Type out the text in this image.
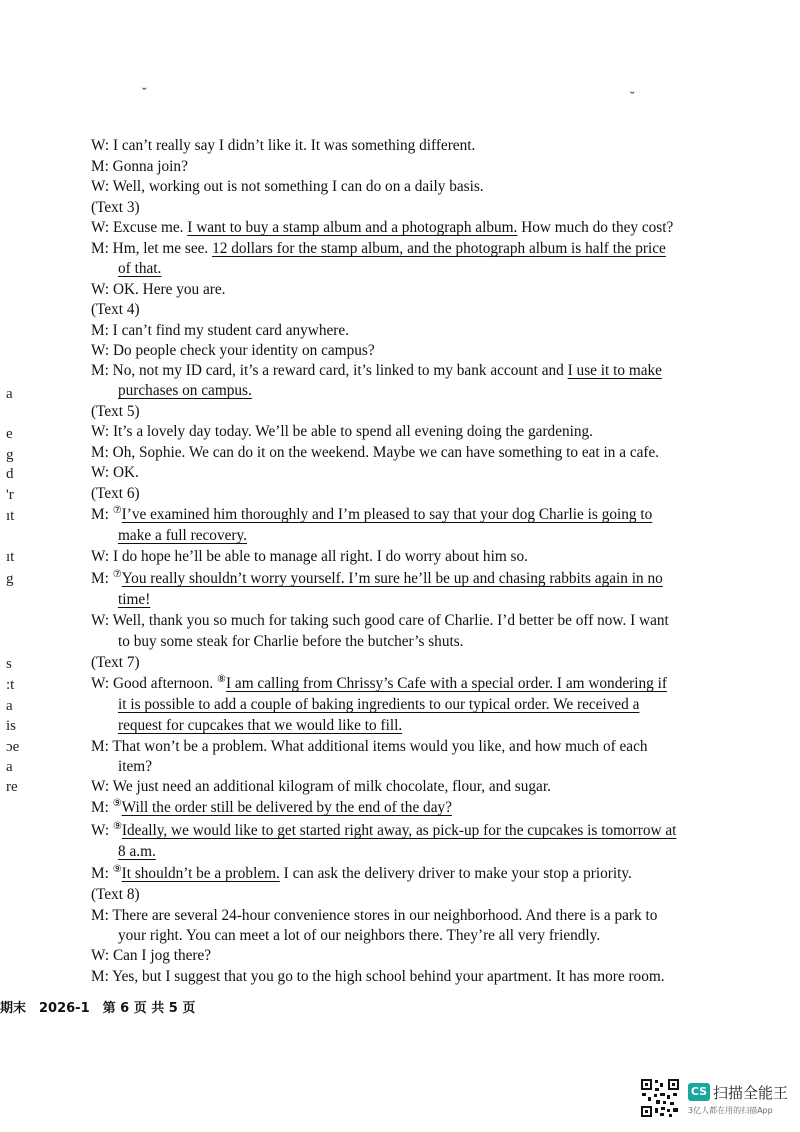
˘	˘
W: I can’t really say I didn’t like it. It was something different.
M: Gonna join?
W: Well, working out is not something I can do on a daily basis.
(Text 3)
W: Excuse me. I want to buy a stamp album and a photograph album. How much do they cost?
M: Hm, let me see. 12 dollars for the stamp album, and the photograph album is half the price
of that.
W: OK. Here you are.
(Text 4)
M: I can’t find my student card anywhere.
W: Do people check your identity on campus?
M: No, not my ID card, it’s a reward card, it’s linked to my bank account and I use it to make
purchases on campus.
(Text 5)
W: It’s a lovely day today. We’ll be able to spend all evening doing the gardening.
M: Oh, Sophie. We can do it on the weekend. Maybe we can have something to eat in a cafe.
W: OK.
(Text 6)
M: ⑦I’ve examined him thoroughly and I’m pleased to say that your dog Charlie is going to
make a full recovery.
W: I do hope he’ll be able to manage all right. I do worry about him so.
M: ⑦You really shouldn’t worry yourself. I’m sure he’ll be up and chasing rabbits again in no
time!
W: Well, thank you so much for taking such good care of Charlie. I’d better be off now. I want
to buy some steak for Charlie before the butcher’s shuts.
(Text 7)
W: Good afternoon. ⑧I am calling from Chrissy’s Cafe with a special order. I am wondering if
it is possible to add a couple of baking ingredients to our typical order. We received a
request for cupcakes that we would like to fill.
M: That won’t be a problem. What additional items would you like, and how much of each
item?
W: We just need an additional kilogram of milk chocolate, flour, and sugar.
M: ⑨Will the order still be delivered by the end of the day?
W: ⑨Ideally, we would like to get started right away, as pick-up for the cupcakes is tomorrow at
8 a.m.
M: ⑨It shouldn’t be a problem. I can ask the delivery driver to make your stop a priority.
(Text 8)
M: There are several 24-hour convenience stores in our neighborhood. And there is a park to
your right. You can meet a lot of our neighbors there. They’re all very friendly.
W: Can I jog there?
M: Yes, but I suggest that you go to the high school behind your apartment. It has more room.
a
e
g
d
'r
ıt
ıt
g
s
:t
a
is
ɔe
a
re
期末　2026-1　第 6 页 共 5 页
CS 扫描全能王
3亿人都在用的扫描App
